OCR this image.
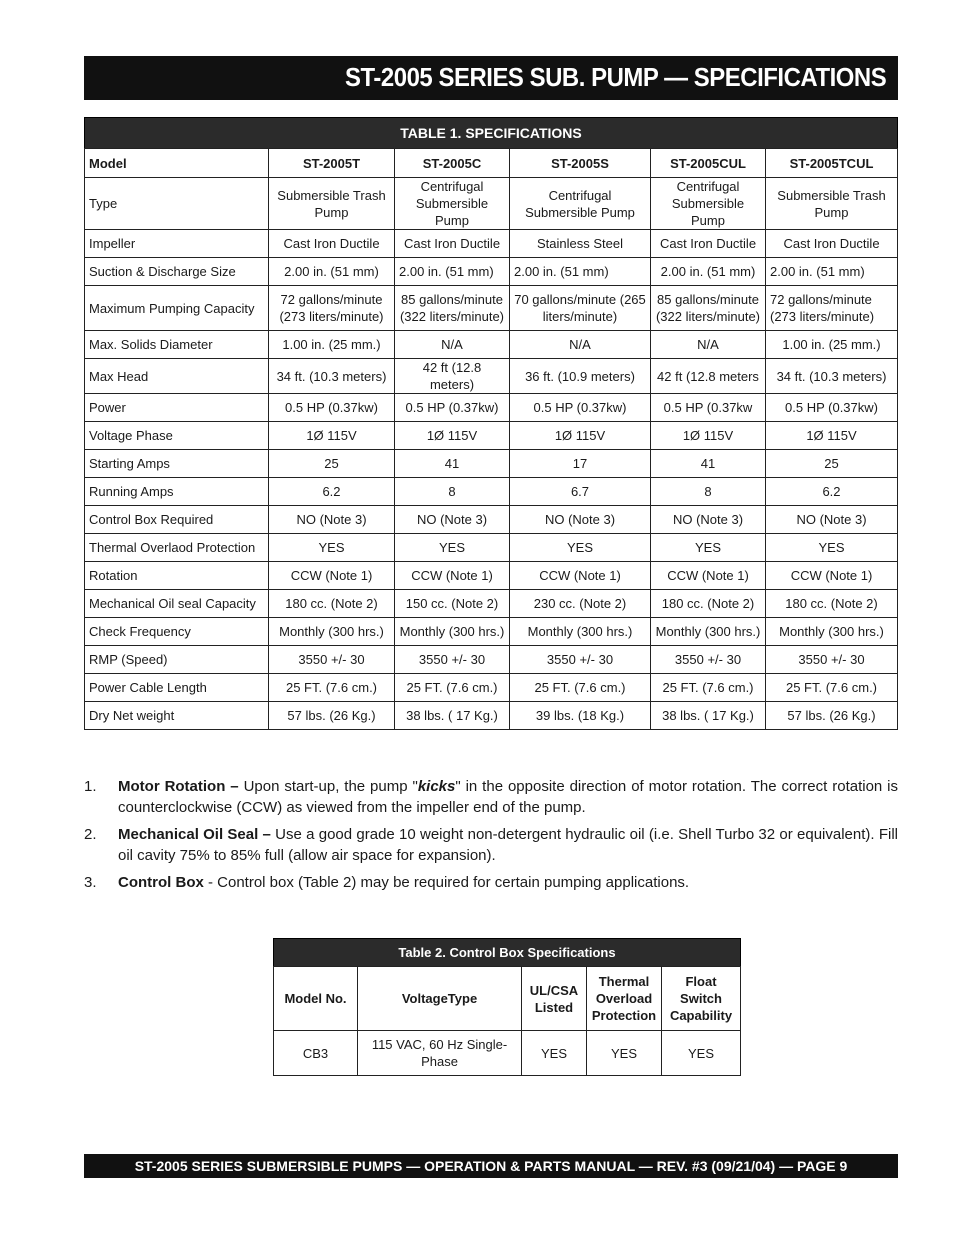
ST-2005 SERIES SUB. PUMP — SPECIFICATIONS
TABLE 1. SPECIFICATIONS
Model	ST-2005T	ST-2005C	ST-2005S	ST-2005CUL	ST-2005TCUL
Type	Submersible Trash Pump	Centrifugal Submersible Pump	Centrifugal Submersible Pump	Centrifugal Submersible Pump	Submersible Trash Pump
Impeller	Cast Iron Ductile	Cast Iron Ductile	Stainless Steel	Cast Iron Ductile	Cast Iron Ductile
Suction & Discharge Size	2.00 in. (51 mm)	2.00 in. (51 mm)	2.00 in. (51 mm)	2.00 in. (51 mm)	2.00 in. (51 mm)
Maximum Pumping Capacity	72 gallons/minute (273 liters/minute)	85 gallons/minute (322 liters/minute)	70 gallons/minute (265 liters/minute)	85 gallons/minute (322 liters/minute)	72 gallons/minute (273 liters/minute)
Max. Solids Diameter	1.00 in. (25 mm.)	N/A	N/A	N/A	1.00 in. (25 mm.)
Max Head	34 ft. (10.3 meters)	42 ft (12.8 meters)	36 ft. (10.9 meters)	42 ft (12.8 meters	34 ft. (10.3 meters)
Power	0.5 HP (0.37kw)	0.5 HP (0.37kw)	0.5 HP (0.37kw)	0.5 HP (0.37kw	0.5 HP (0.37kw)
Voltage Phase	1Ø 115V	1Ø 115V	1Ø 115V	1Ø 115V	1Ø 115V
Starting Amps	25	41	17	41	25
Running Amps	6.2	8	6.7	8	6.2
Control Box Required	NO (Note 3)	NO (Note 3)	NO (Note 3)	NO (Note 3)	NO (Note 3)
Thermal Overlaod Protection	YES	YES	YES	YES	YES
Rotation	CCW (Note 1)	CCW (Note 1)	CCW (Note 1)	CCW (Note 1)	CCW (Note 1)
Mechanical Oil seal Capacity	180 cc. (Note 2)	150 cc. (Note 2)	230 cc. (Note 2)	180 cc. (Note 2)	180 cc. (Note 2)
Check Frequency	Monthly (300 hrs.)	Monthly (300 hrs.)	Monthly (300 hrs.)	Monthly (300 hrs.)	Monthly (300 hrs.)
RMP (Speed)	3550 +/- 30	3550 +/- 30	3550 +/- 30	3550 +/- 30	3550 +/- 30
Power Cable Length	25 FT. (7.6 cm.)	25 FT. (7.6 cm.)	25 FT. (7.6 cm.)	25 FT. (7.6 cm.)	25 FT. (7.6 cm.)
Dry Net weight	57 lbs. (26 Kg.)	38 lbs. ( 17 Kg.)	39 lbs. (18 Kg.)	38 lbs. ( 17 Kg.)	57 lbs. (26 Kg.)
1. Motor Rotation – Upon start-up, the pump "kicks" in the opposite direction of motor rotation. The correct rotation is counterclockwise (CCW) as viewed from the impeller end of the pump.
2. Mechanical Oil Seal – Use a good grade 10 weight non-detergent hydraulic oil (i.e. Shell Turbo 32 or equivalent). Fill oil cavity 75% to 85% full (allow air space for expansion).
3. Control Box - Control box (Table 2) may be required for certain pumping applications.
Table 2. Control Box Specifications
Model No.	VoltageType	UL/CSA Listed	Thermal Overload Protection	Float Switch Capability
CB3	115 VAC, 60 Hz Single-Phase	YES	YES	YES
ST-2005 SERIES SUBMERSIBLE PUMPS — OPERATION & PARTS MANUAL — REV. #3 (09/21/04) — PAGE 9
